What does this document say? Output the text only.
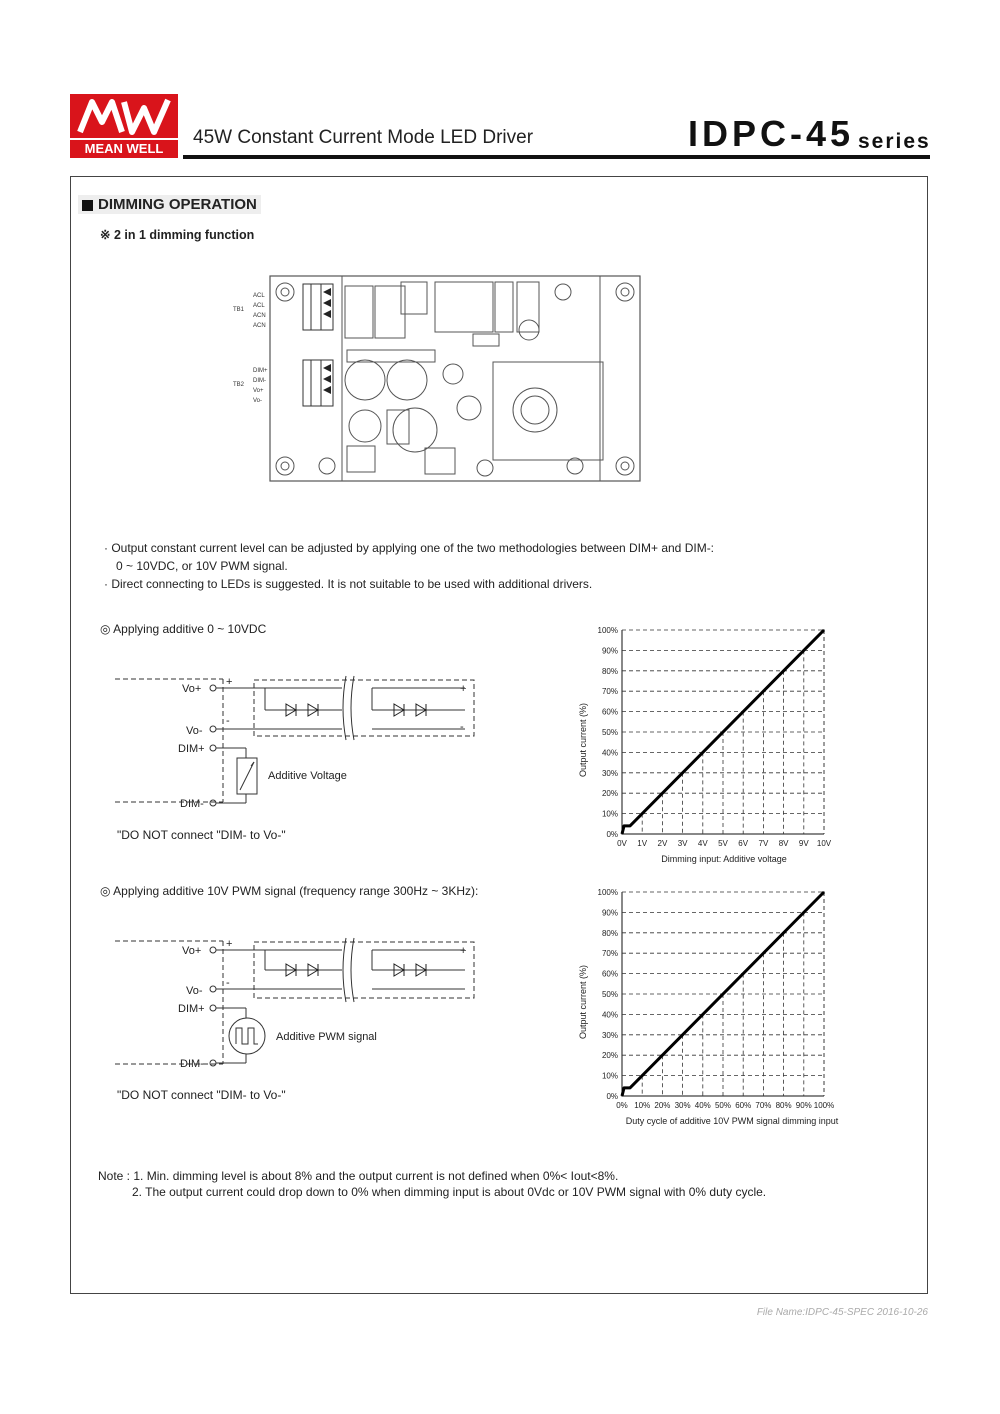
MEAN WELL
45W Constant Current Mode LED Driver	IDPC-45 series
DIMMING OPERATION
※ 2 in 1 dimming function
TB1
TB2
ACL
ACL
ACN
ACN
DIM+
DIM-
Vo+
Vo-
· Output constant current level can be adjusted by applying one of the two methodologies between DIM+ and DIM-:
0 ~ 10VDC, or 10V PWM signal.
· Direct connecting to LEDs is suggested. It is not suitable to be used with additional drivers.
◎ Applying additive 0 ~ 10VDC
Vo+
Vo-
DIM+
DIM-
+
-
+
-
Additive Voltage
"DO NOT connect "DIM- to Vo-"
Output current (%)
Dimming input: Additive voltage
0%
10%
20%
30%
40%
50%
60%
70%
80%
90%
100%
0V 1V 2V 3V 4V 5V 6V 7V 8V 9V 10V
◎ Applying additive 10V PWM signal (frequency range 300Hz ~ 3KHz):
Vo+
Vo-
DIM+
DIM-
+
-
+
-
Additive PWM signal
"DO NOT connect "DIM- to Vo-"
Output current (%)
Duty cycle of additive 10V PWM signal dimming input
0%
10%
20%
30%
40%
50%
60%
70%
80%
90%
100%
0% 10% 20% 30% 40% 50% 60% 70% 80% 90% 100%
Note : 1. Min. dimming level is about 8% and the output current is not defined when 0%< Iout<8%.
2. The output current could drop down to 0% when dimming input is about 0Vdc or 10V PWM signal with 0% duty cycle.
File Name:IDPC-45-SPEC 2016-10-26
